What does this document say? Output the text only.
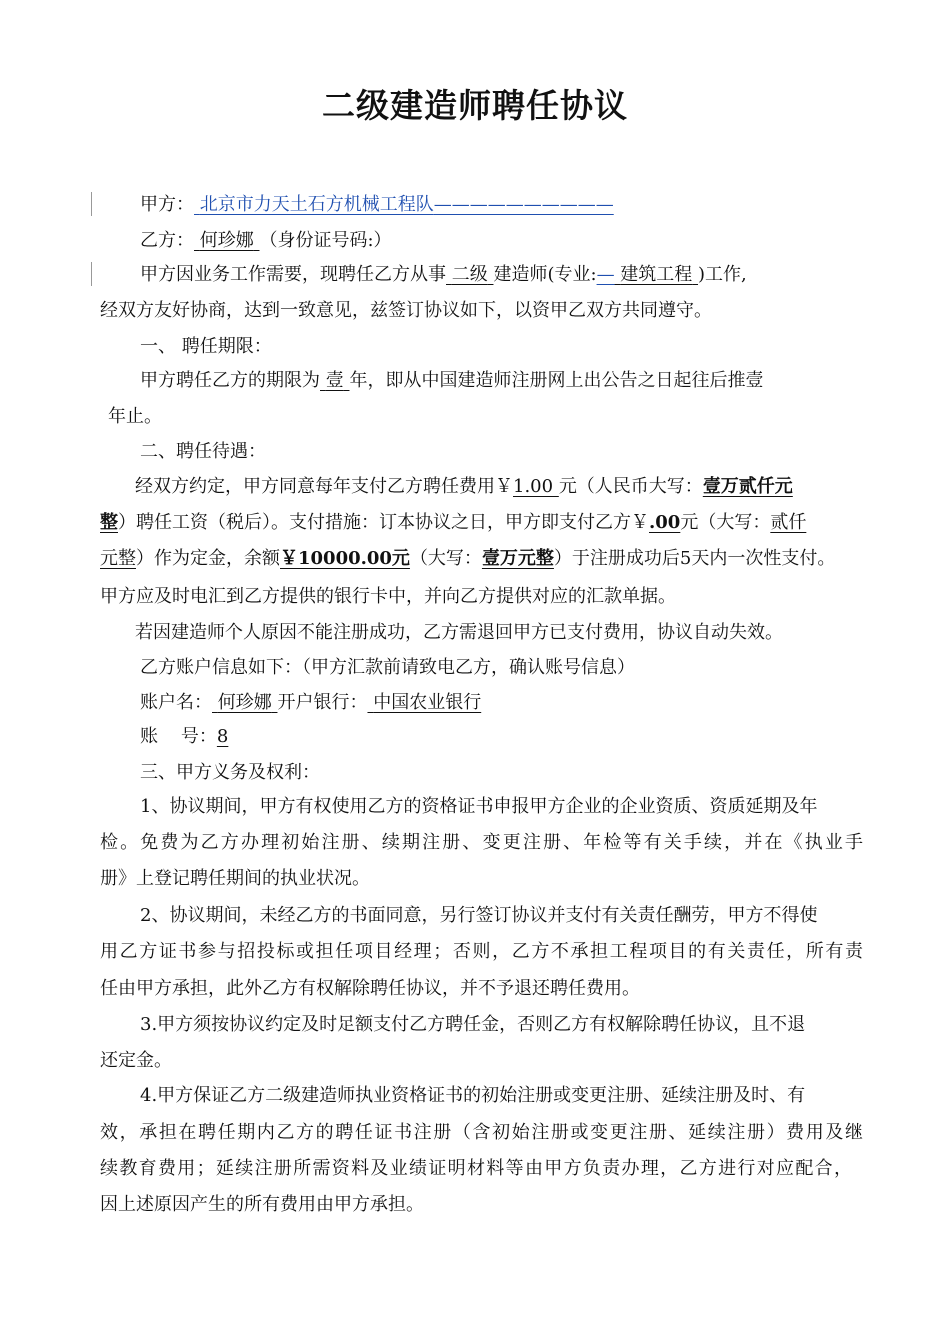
二级建造师聘任协议
甲方： 北京市力天土石方机械工程队——————————
乙方： 何珍娜 （身份证号码:）
甲方因业务工作需要，现聘任乙方从事 二级 建造师(专业:— 建筑工程 )工作,
经双方友好协商，达到一致意见，兹签订协议如下，以资甲乙双方共同遵守。
一、 聘任期限：
甲方聘任乙方的期限为 壹 年，即从中国建造师注册网上出公告之日起往后推壹
年止。
二、聘任待遇：
经双方约定，甲方同意每年支付乙方聘任费用￥1.00 元（人民币大写：壹万贰仟元
整）聘任工资（税后）。支付措施：订本协议之日，甲方即支付乙方￥.00元（大写：贰仟
元整）作为定金，余额￥10000.00元（大写：壹万元整）于注册成功后5天内一次性支付。
甲方应及时电汇到乙方提供的银行卡中，并向乙方提供对应的汇款单据。
若因建造师个人原因不能注册成功，乙方需退回甲方已支付费用，协议自动失效。
乙方账户信息如下：（甲方汇款前请致电乙方，确认账号信息）
账户名： 何珍娜 开户银行： 中国农业银行
账    号：8
三、甲方义务及权利：
1、协议期间，甲方有权使用乙方的资格证书申报甲方企业的企业资质、资质延期及年
检。免费为乙方办理初始注册、续期注册、变更注册、年检等有关手续，并在《执业手
册》上登记聘任期间的执业状况。
2、协议期间，未经乙方的书面同意，另行签订协议并支付有关责任酬劳，甲方不得使
用乙方证书参与招投标或担任项目经理；否则，乙方不承担工程项目的有关责任，所有责
任由甲方承担，此外乙方有权解除聘任协议，并不予退还聘任费用。
3.甲方须按协议约定及时足额支付乙方聘任金，否则乙方有权解除聘任协议，且不退
还定金。
4.甲方保证乙方二级建造师执业资格证书的初始注册或变更注册、延续注册及时、有
效，承担在聘任期内乙方的聘任证书注册（含初始注册或变更注册、延续注册）费用及继
续教育费用；延续注册所需资料及业绩证明材料等由甲方负责办理，乙方进行对应配合，
因上述原因产生的所有费用由甲方承担。
